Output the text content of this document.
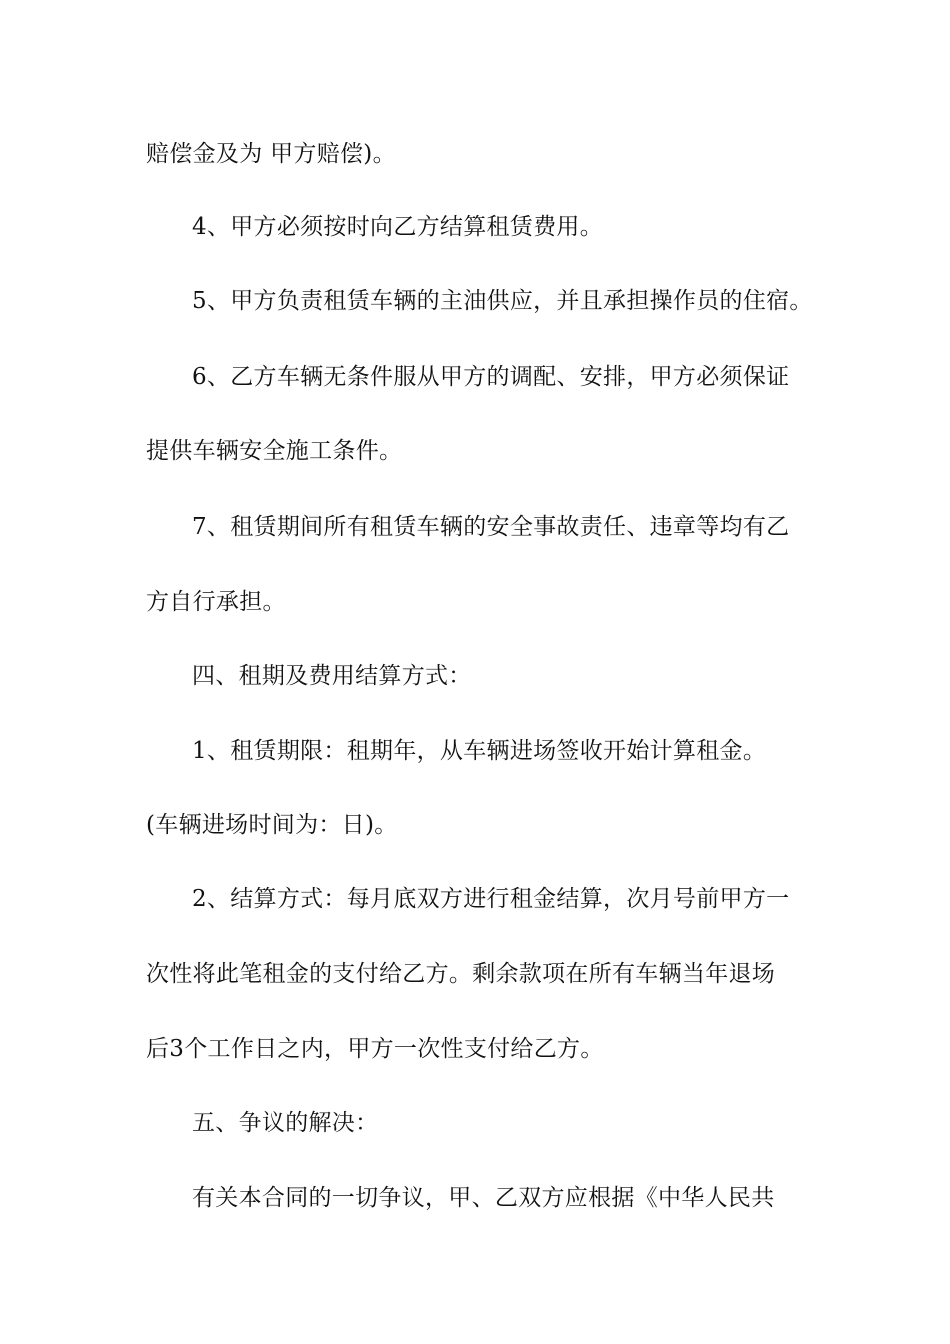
赔偿金及为 甲方赔偿)。

4、甲方必须按时向乙方结算租赁费用。

5、甲方负责租赁车辆的主油供应，并且承担操作员的住宿。

6、乙方车辆无条件服从甲方的调配、安排，甲方必须保证

提供车辆安全施工条件。

7、租赁期间所有租赁车辆的安全事故责任、违章等均有乙

方自行承担。

四、租期及费用结算方式：

1、租赁期限：租期年，从车辆进场签收开始计算租金。

(车辆进场时间为：日)。

2、结算方式：每月底双方进行租金结算，次月号前甲方一

次性将此笔租金的支付给乙方。剩余款项在所有车辆当年退场

后3个工作日之内，甲方一次性支付给乙方。

五、争议的解决：

有关本合同的一切争议，甲、乙双方应根据《中华人民共
